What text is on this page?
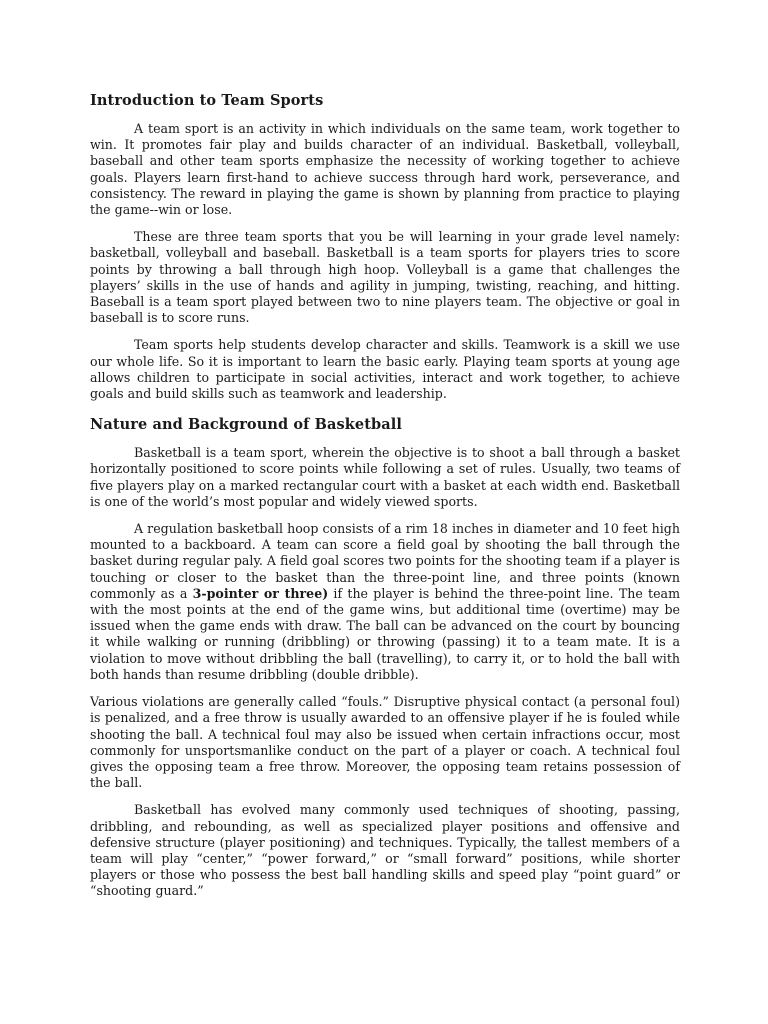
Introduction to Team Sports

A team sport is an activity in which individuals on the same team, work together to win. It promotes fair play and builds character of an individual. Basketball, volleyball, baseball and other team sports emphasize the necessity of working together to achieve goals. Players learn first-hand to achieve success through hard work, perseverance, and consistency. The reward in playing the game is shown by planning from practice to playing the game--win or lose.

These are three team sports that you be will learning in your grade level namely: basketball, volleyball and baseball. Basketball is a team sports for players tries to score points by throwing a ball through high hoop. Volleyball is a game that challenges the players’ skills in the use of hands and agility in jumping, twisting, reaching, and hitting. Baseball is a team sport played between two to nine players team. The objective or goal in baseball is to score runs.

Team sports help students develop character and skills. Teamwork is a skill we use our whole life. So it is important to learn the basic early. Playing team sports at young age allows children to participate in social activities, interact and work together, to achieve goals and build skills such as teamwork and leadership.

Nature and Background of Basketball

Basketball is a team sport, wherein the objective is to shoot a ball through a basket horizontally positioned to score points while following a set of rules. Usually, two teams of five players play on a marked rectangular court with a basket at each width end. Basketball is one of the world’s most popular and widely viewed sports.

A regulation basketball hoop consists of a rim 18 inches in diameter and 10 feet high mounted to a backboard. A team can score a field goal by shooting the ball through the basket during regular paly. A field goal scores two points for the shooting team if a player is touching or closer to the basket than the three-point line, and three points (known commonly as a 3-pointer or three) if the player is behind the three-point line. The team with the most points at the end of the game wins, but additional time (overtime) may be issued when the game ends with draw. The ball can be advanced on the court by bouncing it while walking or running (dribbling) or throwing (passing) it to a team mate. It is a violation to move without dribbling the ball (travelling), to carry it, or to hold the ball with both hands than resume dribbling (double dribble).

Various violations are generally called “fouls.” Disruptive physical contact (a personal foul) is penalized, and a free throw is usually awarded to an offensive player if he is fouled while shooting the ball. A technical foul may also be issued when certain infractions occur, most commonly for unsportsmanlike conduct on the part of a player or coach. A technical foul gives the opposing team a free throw. Moreover, the opposing team retains possession of the ball.

Basketball has evolved many commonly used techniques of shooting, passing, dribbling, and rebounding, as well as specialized player positions and offensive and defensive structure (player positioning) and techniques. Typically, the tallest members of a team will play “center,” “power forward,” or “small forward” positions, while shorter players or those who possess the best ball handling skills and speed play “point guard” or “shooting guard.”
